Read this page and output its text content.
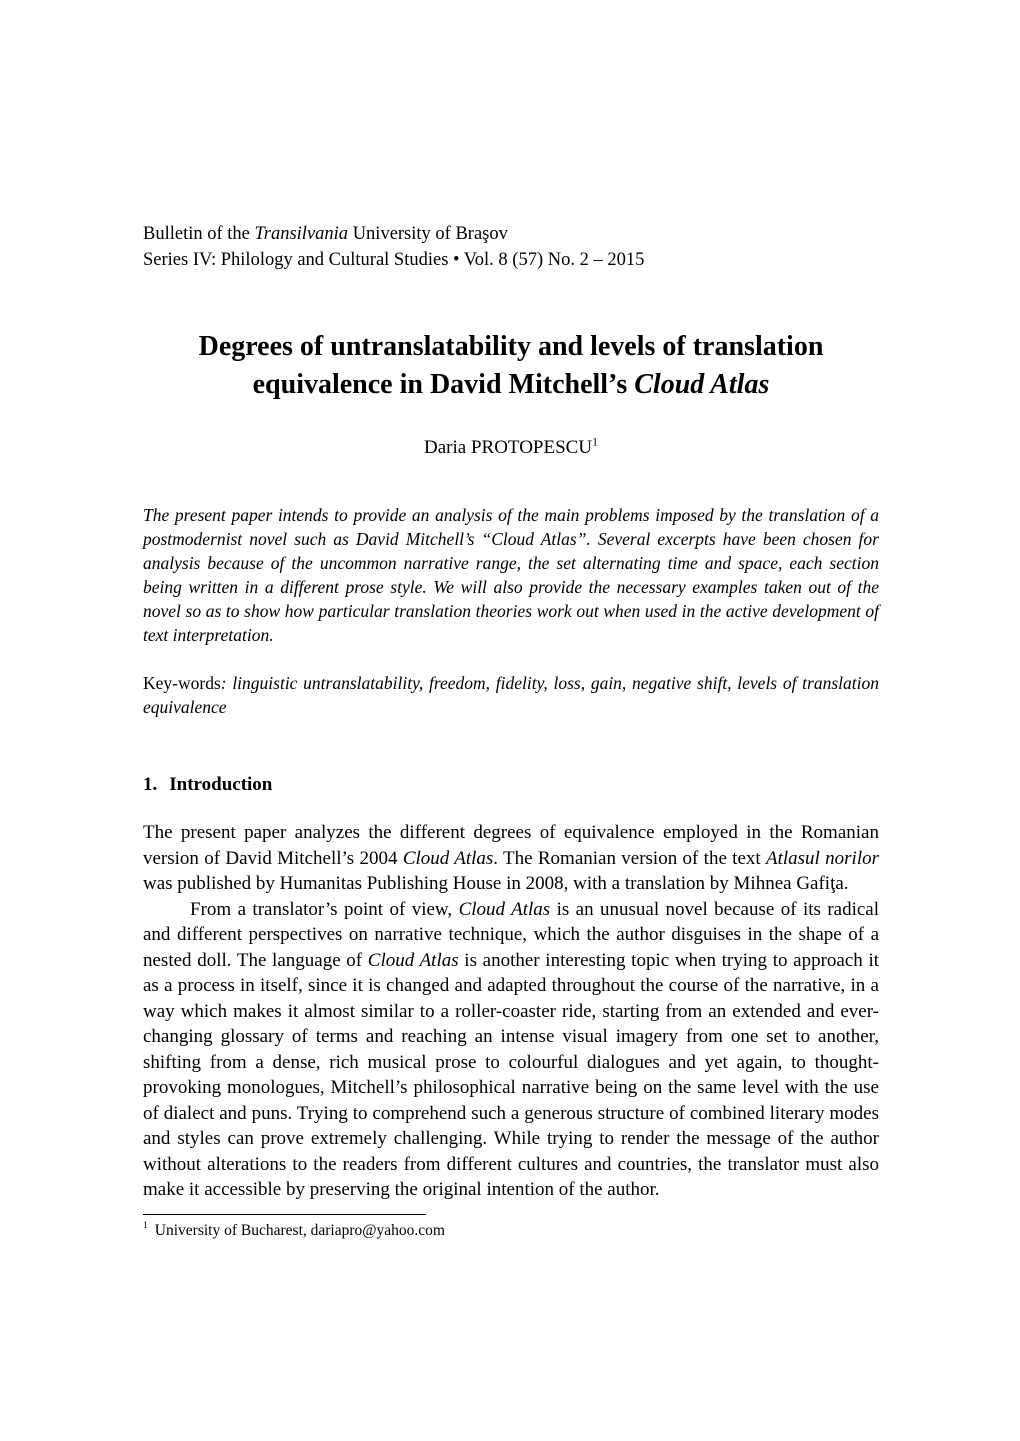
Bulletin of the Transilvania University of Braşov

Series IV: Philology and Cultural Studies • Vol. 8 (57) No. 2 – 2015

Degrees of untranslatability and levels of translation
equivalence in David Mitchell’s Cloud Atlas

Daria PROTOPESCU$^1$

The present paper intends to provide an analysis of the main problems imposed by the translation of a postmodernist novel such as David Mitchell’s “Cloud Atlas”. Several excerpts have been chosen for analysis because of the uncommon narrative range, the set alternating time and space, each section being written in a different prose style. We will also provide the necessary examples taken out of the novel so as to show how particular translation theories work out when used in the active development of text interpretation.

Key-words: linguistic untranslatability, freedom, fidelity, loss, gain, negative shift, levels of translation equivalence

1. Introduction

The present paper analyzes the different degrees of equivalence employed in the Romanian version of David Mitchell’s 2004 Cloud Atlas. The Romanian version of the text Atlasul norilor was published by Humanitas Publishing House in 2008, with a translation by Mihnea Gafiţa.

From a translator’s point of view, Cloud Atlas is an unusual novel because of its radical and different perspectives on narrative technique, which the author disguises in the shape of a nested doll. The language of Cloud Atlas is another interesting topic when trying to approach it as a process in itself, since it is changed and adapted throughout the course of the narrative, in a way which makes it almost similar to a roller-coaster ride, starting from an extended and ever-changing glossary of terms and reaching an intense visual imagery from one set to another, shifting from a dense, rich musical prose to colourful dialogues and yet again, to thought-provoking monologues, Mitchell’s philosophical narrative being on the same level with the use of dialect and puns. Trying to comprehend such a generous structure of combined literary modes and styles can prove extremely challenging. While trying to render the message of the author without alterations to the readers from different cultures and countries, the translator must also make it accessible by preserving the original intention of the author.

$^1$ University of Bucharest, dariapro@yahoo.com
